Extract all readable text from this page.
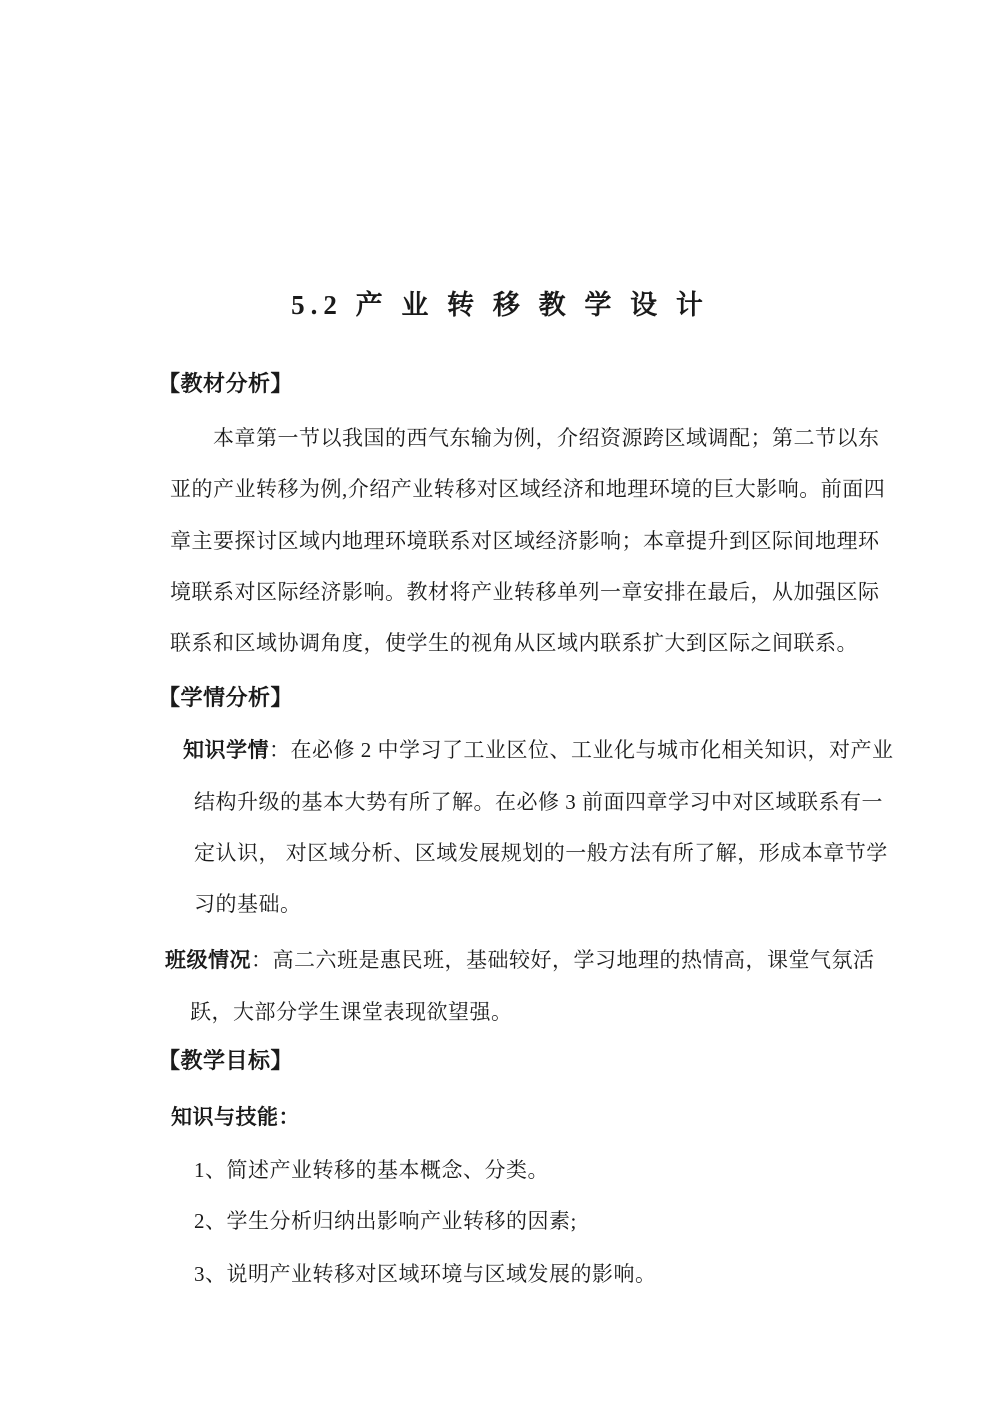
5.2 产 业 转 移 教 学 设 计
【教材分析】
本章第一节以我国的西气东输为例，介绍资源跨区域调配；第二节以东
亚的产业转移为例,介绍产业转移对区域经济和地理环境的巨大影响。前面四
章主要探讨区域内地理环境联系对区域经济影响；本章提升到区际间地理环
境联系对区际经济影响。教材将产业转移单列一章安排在最后，从加强区际
联系和区域协调角度，使学生的视角从区域内联系扩大到区际之间联系。
【学情分析】
知识学情：在必修 2 中学习了工业区位、工业化与城市化相关知识，对产业
结构升级的基本大势有所了解。在必修 3 前面四章学习中对区域联系有一
定认识， 对区域分析、区域发展规划的一般方法有所了解，形成本章节学
习的基础。
班级情况：高二六班是惠民班，基础较好，学习地理的热情高，课堂气氛活
跃，大部分学生课堂表现欲望强。
【教学目标】
知识与技能：
1、简述产业转移的基本概念、分类。
2、学生分析归纳出影响产业转移的因素;
3、说明产业转移对区域环境与区域发展的影响。
